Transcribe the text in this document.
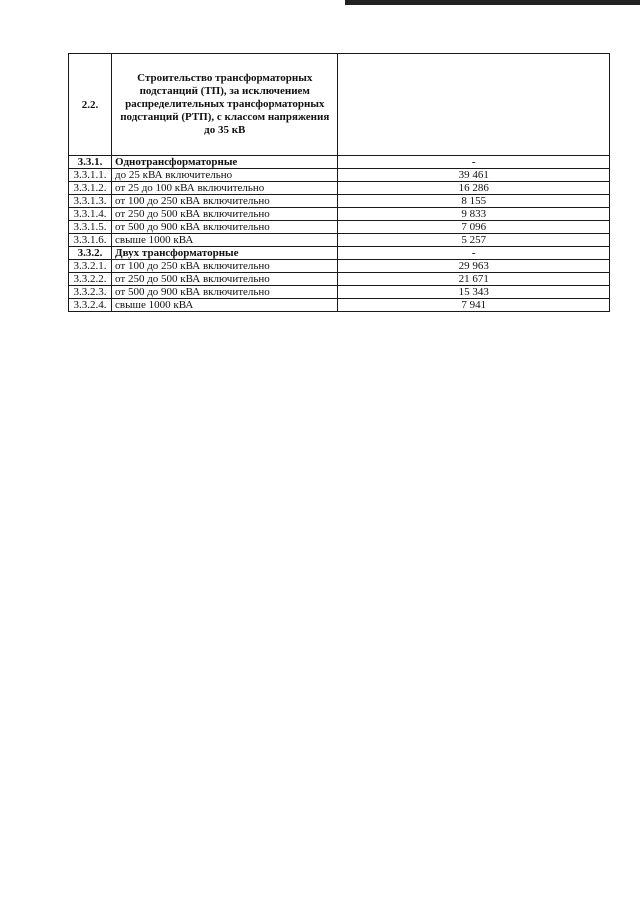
2.2.	Строительство трансформаторных подстанций (ТП), за исключением распределительных трансформаторных подстанций (РТП), с классом напряжения до 35 кВ	
3.3.1.	Однотрансформаторные	-
3.3.1.1.	до 25 кВА включительно	39 461
3.3.1.2.	от 25 до 100 кВА включительно	16 286
3.3.1.3.	от 100 до 250 кВА включительно	8 155
3.3.1.4.	от 250 до 500 кВА включительно	9 833
3.3.1.5.	от 500 до 900 кВА включительно	7 096
3.3.1.6.	свыше 1000 кВА	5 257
3.3.2.	Двух трансформаторные	-
3.3.2.1.	от 100 до 250 кВА включительно	29 963
3.3.2.2.	от 250 до 500 кВА включительно	21 671
3.3.2.3.	от 500 до 900 кВА включительно	15 343
3.3.2.4.	свыше 1000 кВА	7 941
